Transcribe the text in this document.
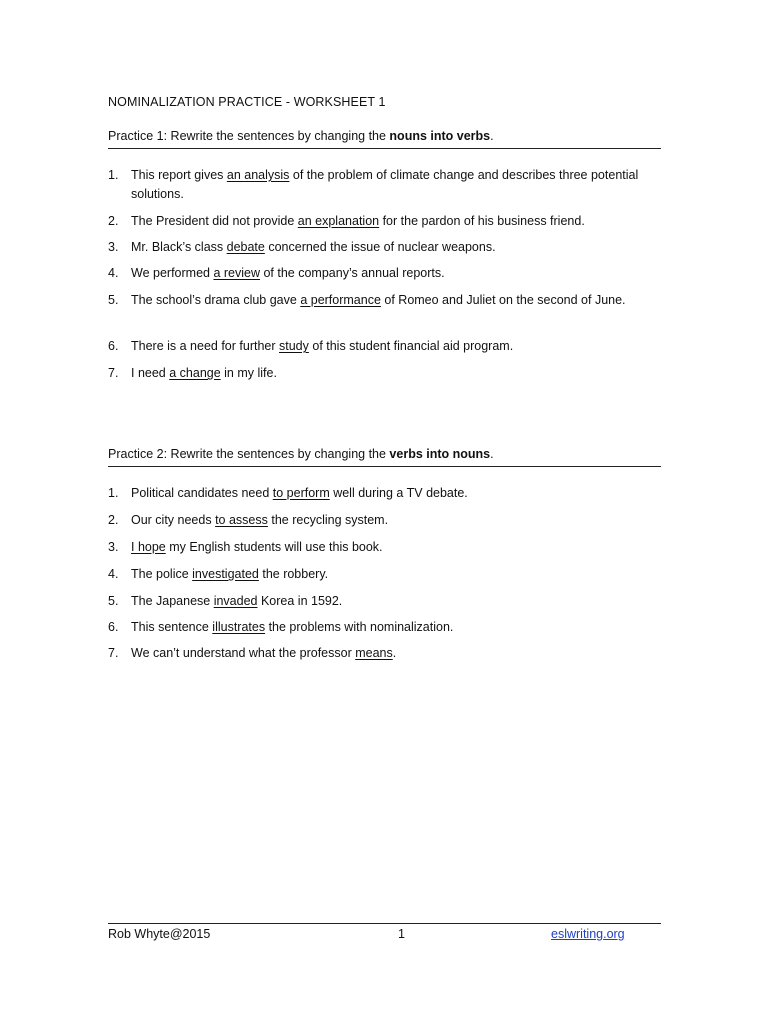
NOMINALIZATION PRACTICE - WORKSHEET 1
Practice 1: Rewrite the sentences by changing the nouns into verbs.
1.	This report gives an analysis of the problem of climate change and describes three potential solutions.
2.	The President did not provide an explanation for the pardon of his business friend.
3.	Mr. Black’s class debate concerned the issue of nuclear weapons.
4.	We performed a review of the company’s annual reports.
5.	The school’s drama club gave a performance of Romeo and Juliet on the second of June.
6.	There is a need for further study of this student financial aid program.
7.	I need a change in my life.
Practice 2: Rewrite the sentences by changing the verbs into nouns.
1.	Political candidates need to perform well during a TV debate.
2.	Our city needs to assess the recycling system.
3.	I hope my English students will use this book.
4.	The police investigated the robbery.
5.	The Japanese invaded Korea in 1592.
6.	This sentence illustrates the problems with nominalization.
7.	We can’t understand what the professor means.
Rob Whyte@2015	1	eslwriting.org
